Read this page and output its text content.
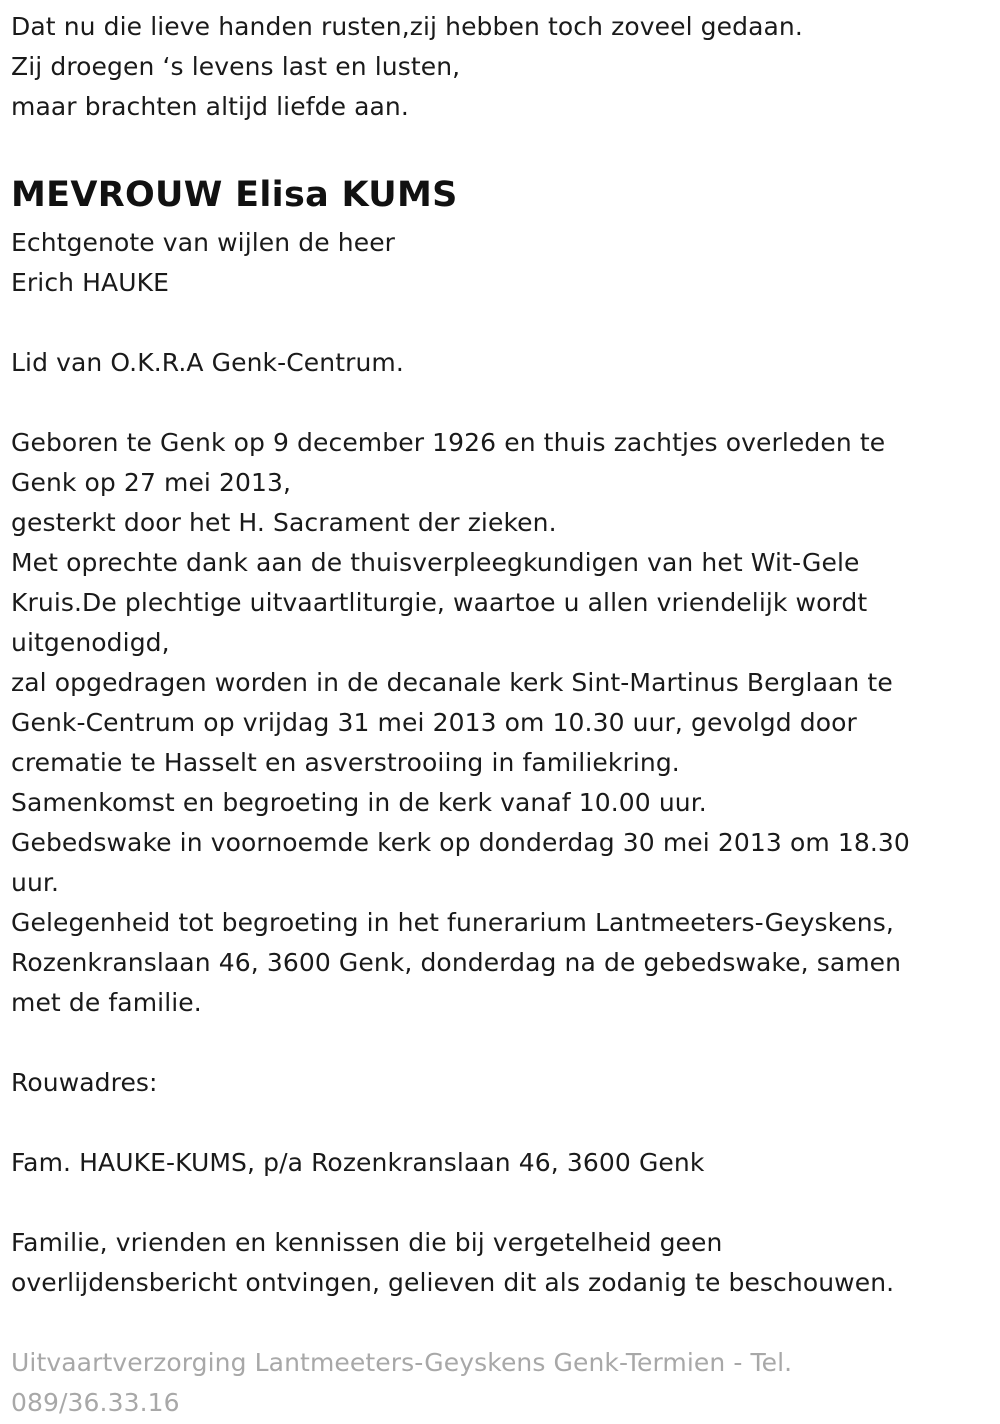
Dat nu die lieve handen rusten,zij hebben toch zoveel gedaan.
Zij droegen ‘s levens last en lusten,
maar brachten altijd liefde aan.
MEVROUW Elisa KUMS
Echtgenote van wijlen de heer
Erich HAUKE
Lid van O.K.R.A Genk-Centrum.
Geboren te Genk op 9 december 1926 en thuis zachtjes overleden te
Genk op 27 mei 2013,
gesterkt door het H. Sacrament der zieken.
Met oprechte dank aan de thuisverpleegkundigen van het Wit-Gele
Kruis.De plechtige uitvaartliturgie, waartoe u allen vriendelijk wordt
uitgenodigd,
zal opgedragen worden in de decanale kerk Sint-Martinus Berglaan te
Genk-Centrum op vrijdag 31 mei 2013 om 10.30 uur, gevolgd door
crematie te Hasselt en asverstrooiing in familiekring.
Samenkomst en begroeting in de kerk vanaf 10.00 uur.
Gebedswake in voornoemde kerk op donderdag 30 mei 2013 om 18.30
uur.
Gelegenheid tot begroeting in het funerarium Lantmeeters-Geyskens,
Rozenkranslaan 46, 3600 Genk, donderdag na de gebedswake, samen
met de familie.
Rouwadres:
Fam. HAUKE-KUMS, p/a Rozenkranslaan 46, 3600 Genk
Familie, vrienden en kennissen die bij vergetelheid geen
overlijdensbericht ontvingen, gelieven dit als zodanig te beschouwen.
Uitvaartverzorging Lantmeeters-Geyskens Genk-Termien - Tel.
089/36.33.16
